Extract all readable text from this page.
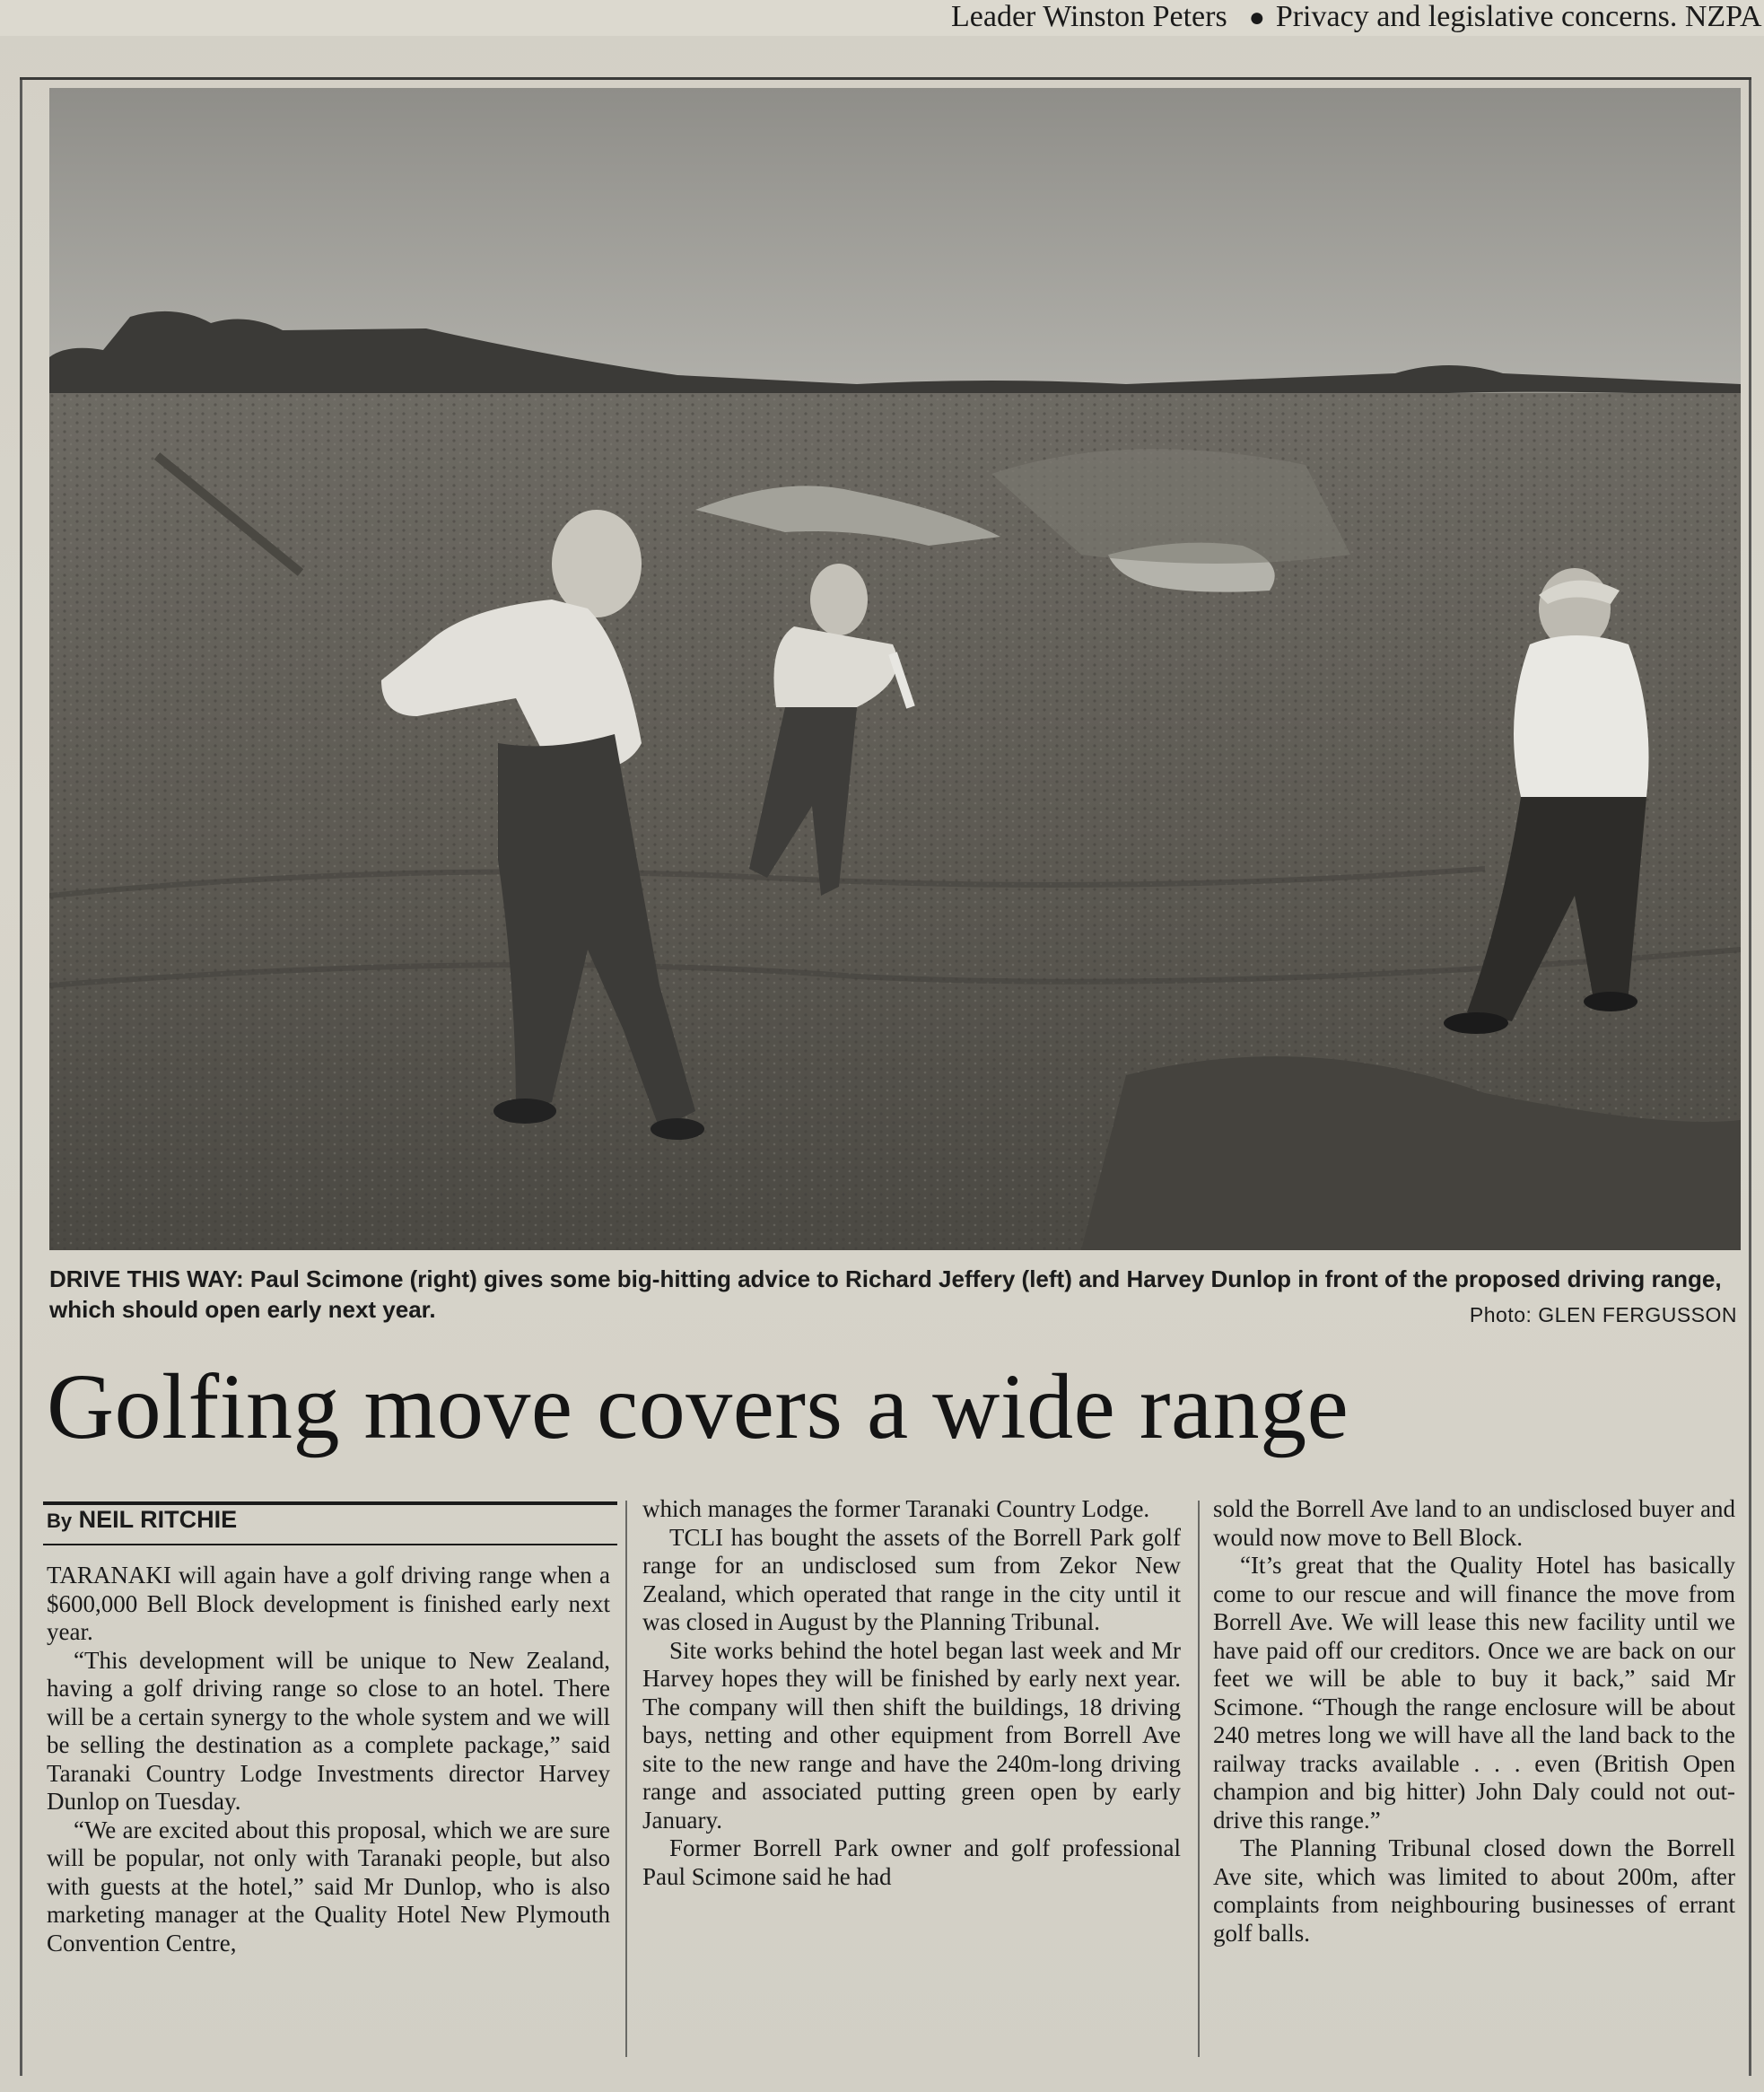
Leader Winston Peters ● Privacy and legislative concerns. NZPA
DRIVE THIS WAY: Paul Scimone (right) gives some big-hitting advice to Richard Jeffery (left) and Harvey Dunlop in front of the proposed driving range, which should open early next year.	Photo: GLEN FERGUSSON
Golfing move covers a wide range
By NEIL RITCHIE

TARANAKI will again have a golf driving range when a $600,000 Bell Block development is finished early next year.

“This development will be unique to New Zealand, having a golf driving range so close to an hotel. There will be a certain synergy to the whole system and we will be selling the destination as a complete package,” said Taranaki Country Lodge Investments director Harvey Dunlop on Tuesday.

“We are excited about this proposal, which we are sure will be popular, not only with Taranaki people, but also with guests at the hotel,” said Mr Dunlop, who is also marketing manager at the Quality Hotel New Plymouth Convention Centre,

which manages the former Taranaki Country Lodge.

TCLI has bought the assets of the Borrell Park golf range for an undisclosed sum from Zekor New Zealand, which operated that range in the city until it was closed in August by the Planning Tribunal.

Site works behind the hotel began last week and Mr Harvey hopes they will be finished by early next year. The company will then shift the buildings, 18 driving bays, netting and other equipment from Borrell Ave site to the new range and have the 240m-long driving range and associated putting green open by early January.

Former Borrell Park owner and golf professional Paul Scimone said he had

sold the Borrell Ave land to an undisclosed buyer and would now move to Bell Block.

“It’s great that the Quality Hotel has basically come to our rescue and will finance the move from Borrell Ave. We will lease this new facility until we have paid off our creditors. Once we are back on our feet we will be able to buy it back,” said Mr Scimone. “Though the range enclosure will be about 240 metres long we will have all the land back to the railway tracks available . . . even (British Open champion and big hitter) John Daly could not out-drive this range.”

The Planning Tribunal closed down the Borrell Ave site, which was limited to about 200m, after complaints from neighbouring businesses of errant golf balls.
